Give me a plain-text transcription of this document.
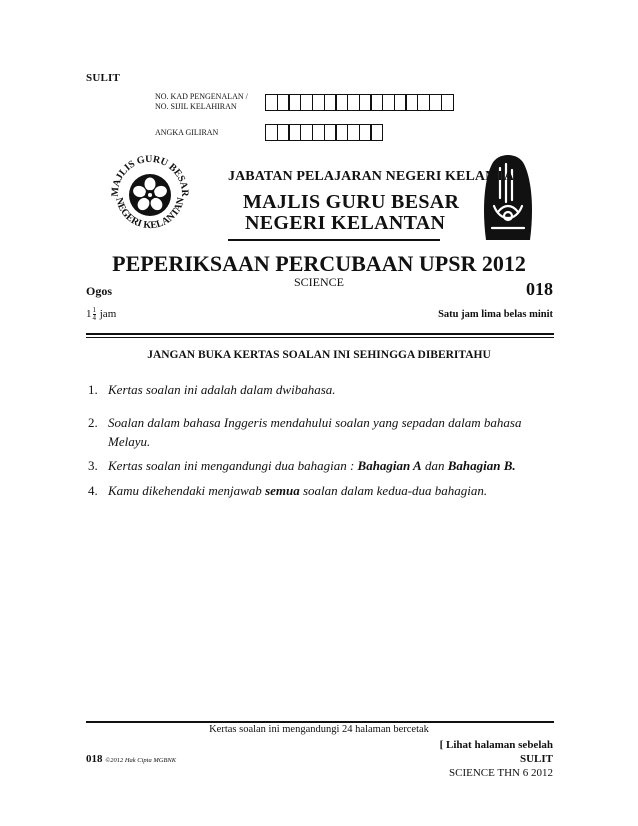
SULIT
NO. KAD PENGENALAN /
NO. SIJIL KELAHIRAN
ANGKA GILIRAN
MAJLIS GURU BESAR
NEGERI KELANTAN
JABATAN PELAJARAN NEGERI KELANTAN
MAJLIS GURU BESAR
NEGERI KELANTAN
PEPERIKSAAN PERCUBAAN UPSR 2012
SCIENCE
Ogos	018
$1 \frac{1}{4}$ jam	Satu jam lima belas minit
JANGAN BUKA KERTAS SOALAN INI SEHINGGA DIBERITAHU
1. Kertas soalan ini adalah dalam dwibahasa.
2. Soalan dalam bahasa Inggeris mendahului soalan yang sepadan dalam bahasa
Melayu.
3. Kertas soalan ini mengandungi dua bahagian : Bahagian A dan Bahagian B.
4. Kamu dikehendaki menjawab semua soalan dalam kedua-dua bahagian.
Kertas soalan ini mengandungi 24 halaman bercetak
018 ©2012 Hak Cipta MGBNK
[ Lihat halaman sebelah
SULIT
SCIENCE THN 6 2012
